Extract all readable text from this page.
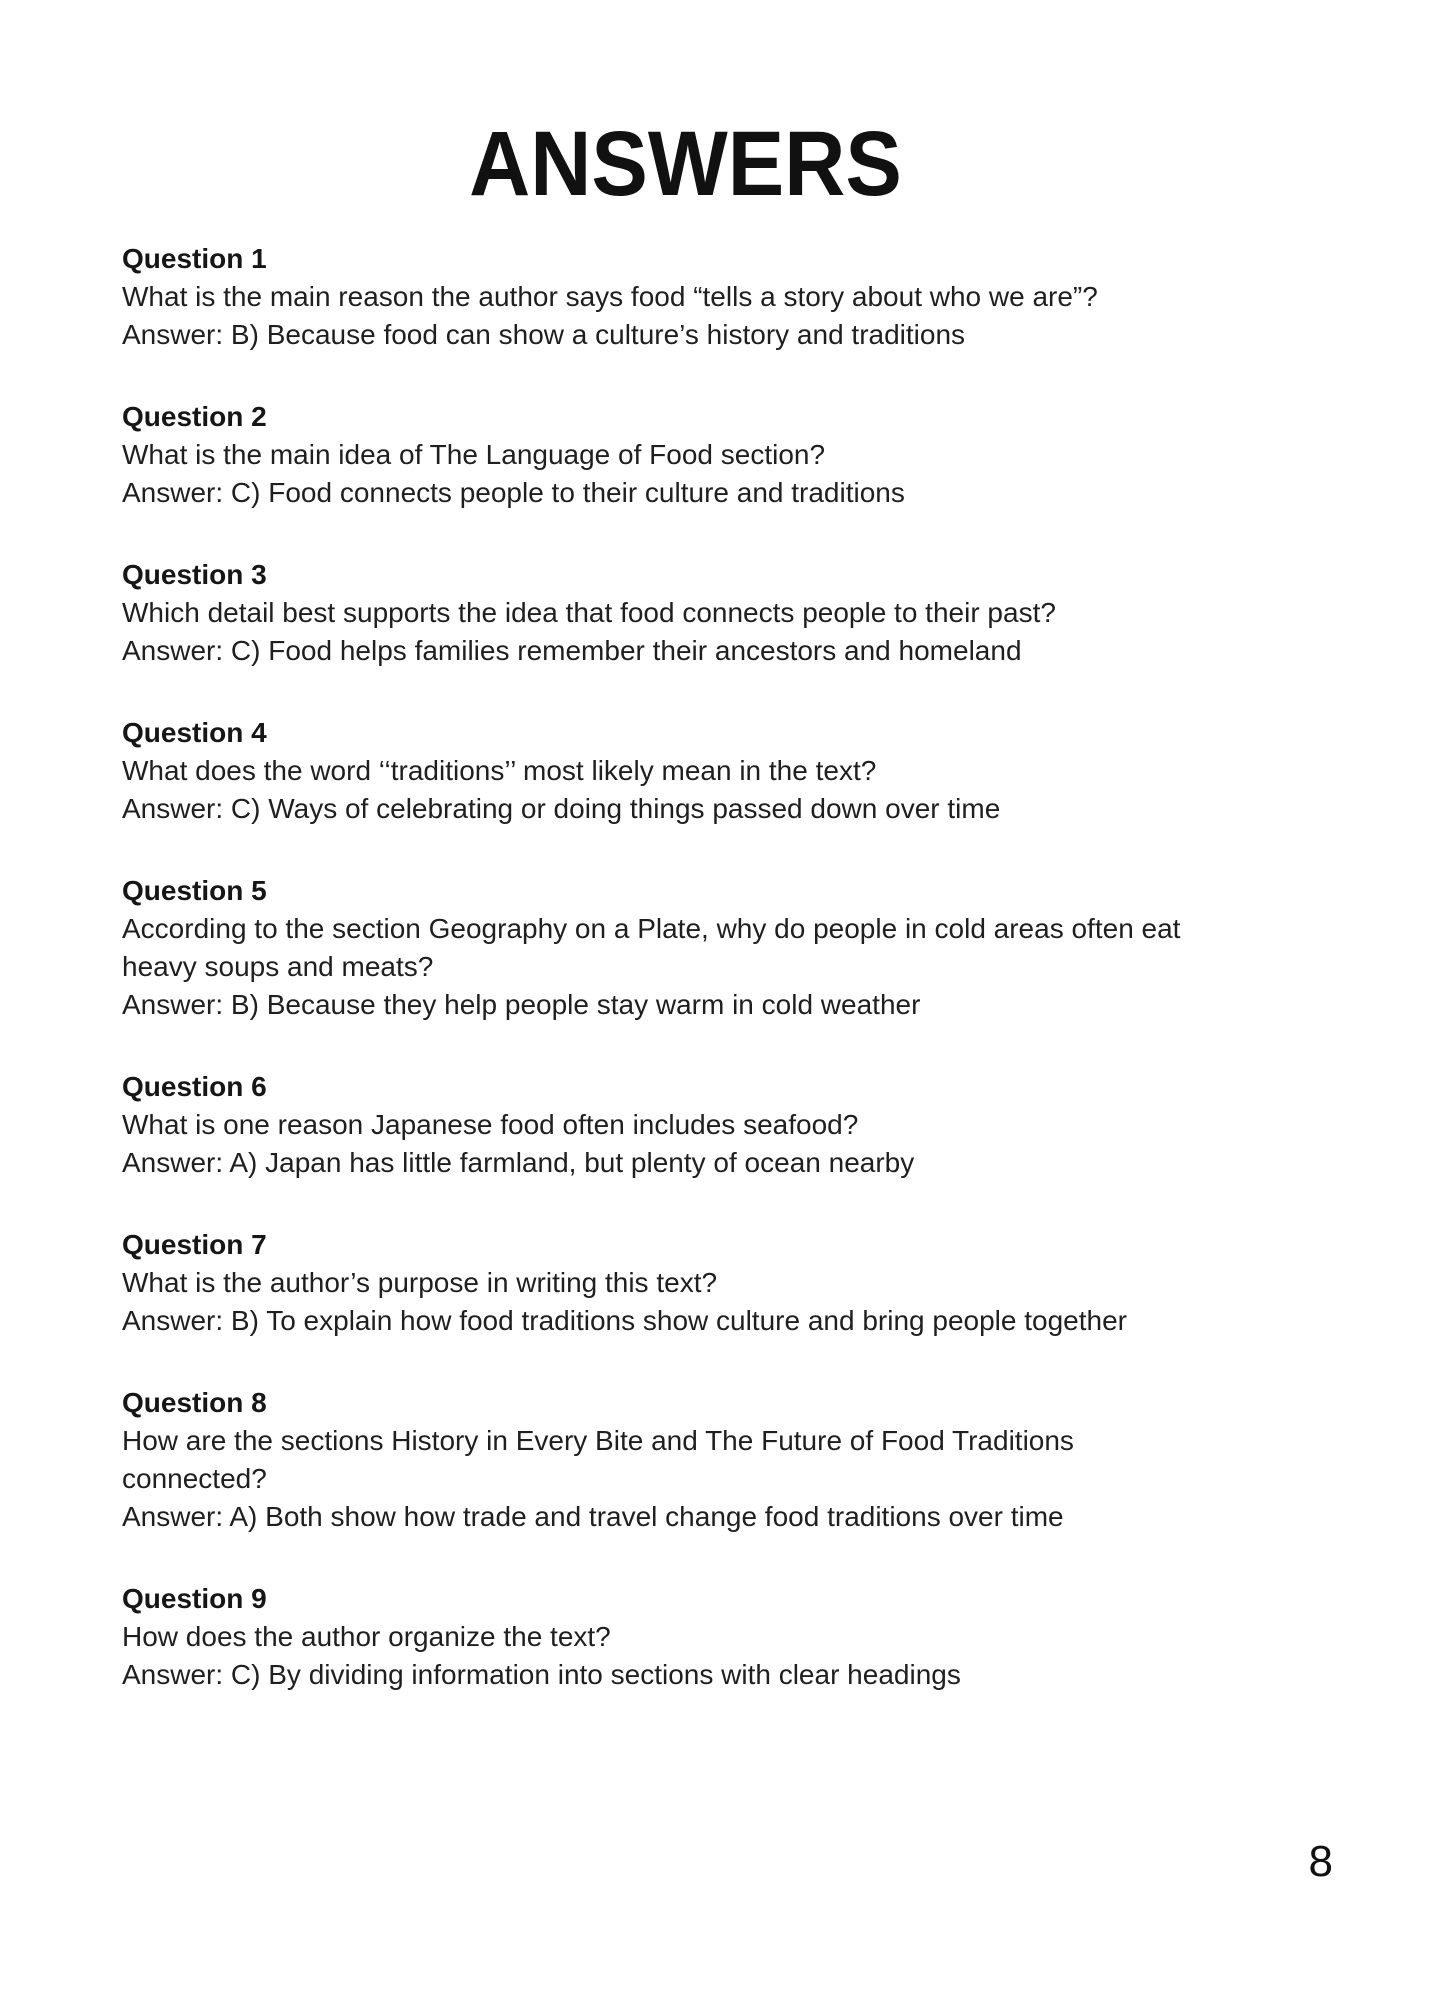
ANSWERS
Question 1
What is the main reason the author says food “tells a story about who we are”?
Answer: B) Because food can show a culture’s history and traditions
Question 2
What is the main idea of The Language of Food section?
Answer: C) Food connects people to their culture and traditions
Question 3
Which detail best supports the idea that food connects people to their past?
Answer: C) Food helps families remember their ancestors and homeland
Question 4
What does the word ‘‘traditions’’ most likely mean in the text?
Answer: C) Ways of celebrating or doing things passed down over time
Question 5
According to the section Geography on a Plate, why do people in cold areas often eat
heavy soups and meats?
Answer: B) Because they help people stay warm in cold weather
Question 6
What is one reason Japanese food often includes seafood?
Answer: A) Japan has little farmland, but plenty of ocean nearby
Question 7
What is the author’s purpose in writing this text?
Answer: B) To explain how food traditions show culture and bring people together
Question 8
How are the sections History in Every Bite and The Future of Food Traditions
connected?
Answer: A) Both show how trade and travel change food traditions over time
Question 9
How does the author organize the text?
Answer: C) By dividing information into sections with clear headings
8
